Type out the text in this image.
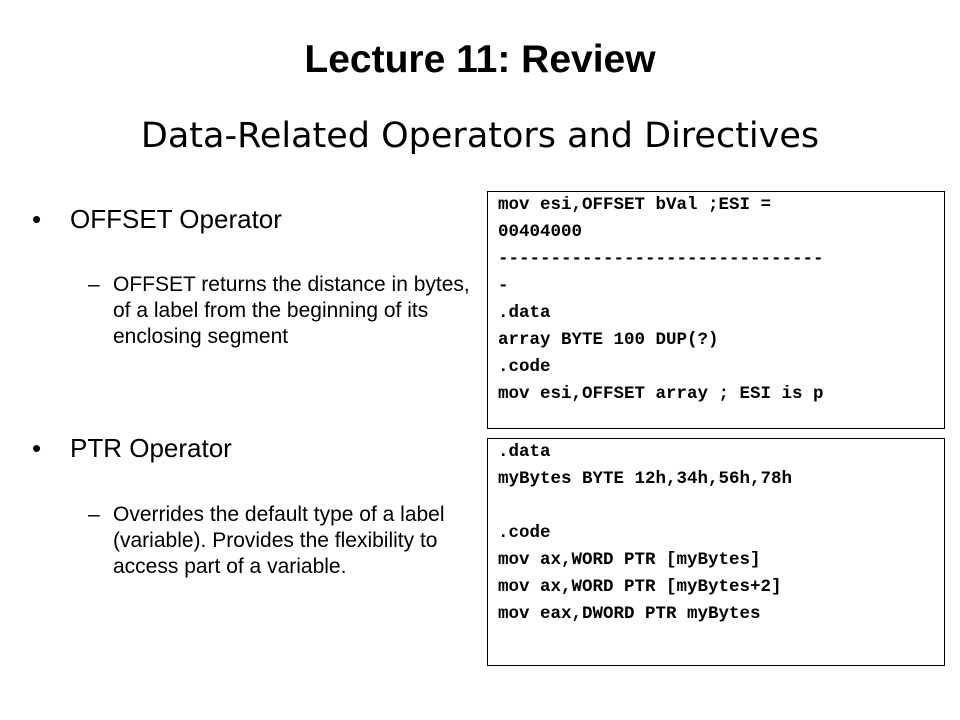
Lecture 11: Review
Data-Related Operators and Directives
• OFFSET Operator
– OFFSET returns the distance in bytes, of a label from the beginning of its enclosing segment
• PTR Operator
– Overrides the default type of a label (variable). Provides the flexibility to access part of a variable.
mov esi,OFFSET bVal ;ESI =
00404000
-------------------------------
-
.data
array BYTE 100 DUP(?)
.code
mov esi,OFFSET array ; ESI is p
.data
myBytes BYTE 12h,34h,56h,78h
.code
mov ax,WORD PTR [myBytes]
mov ax,WORD PTR [myBytes+2]
mov eax,DWORD PTR myBytes
